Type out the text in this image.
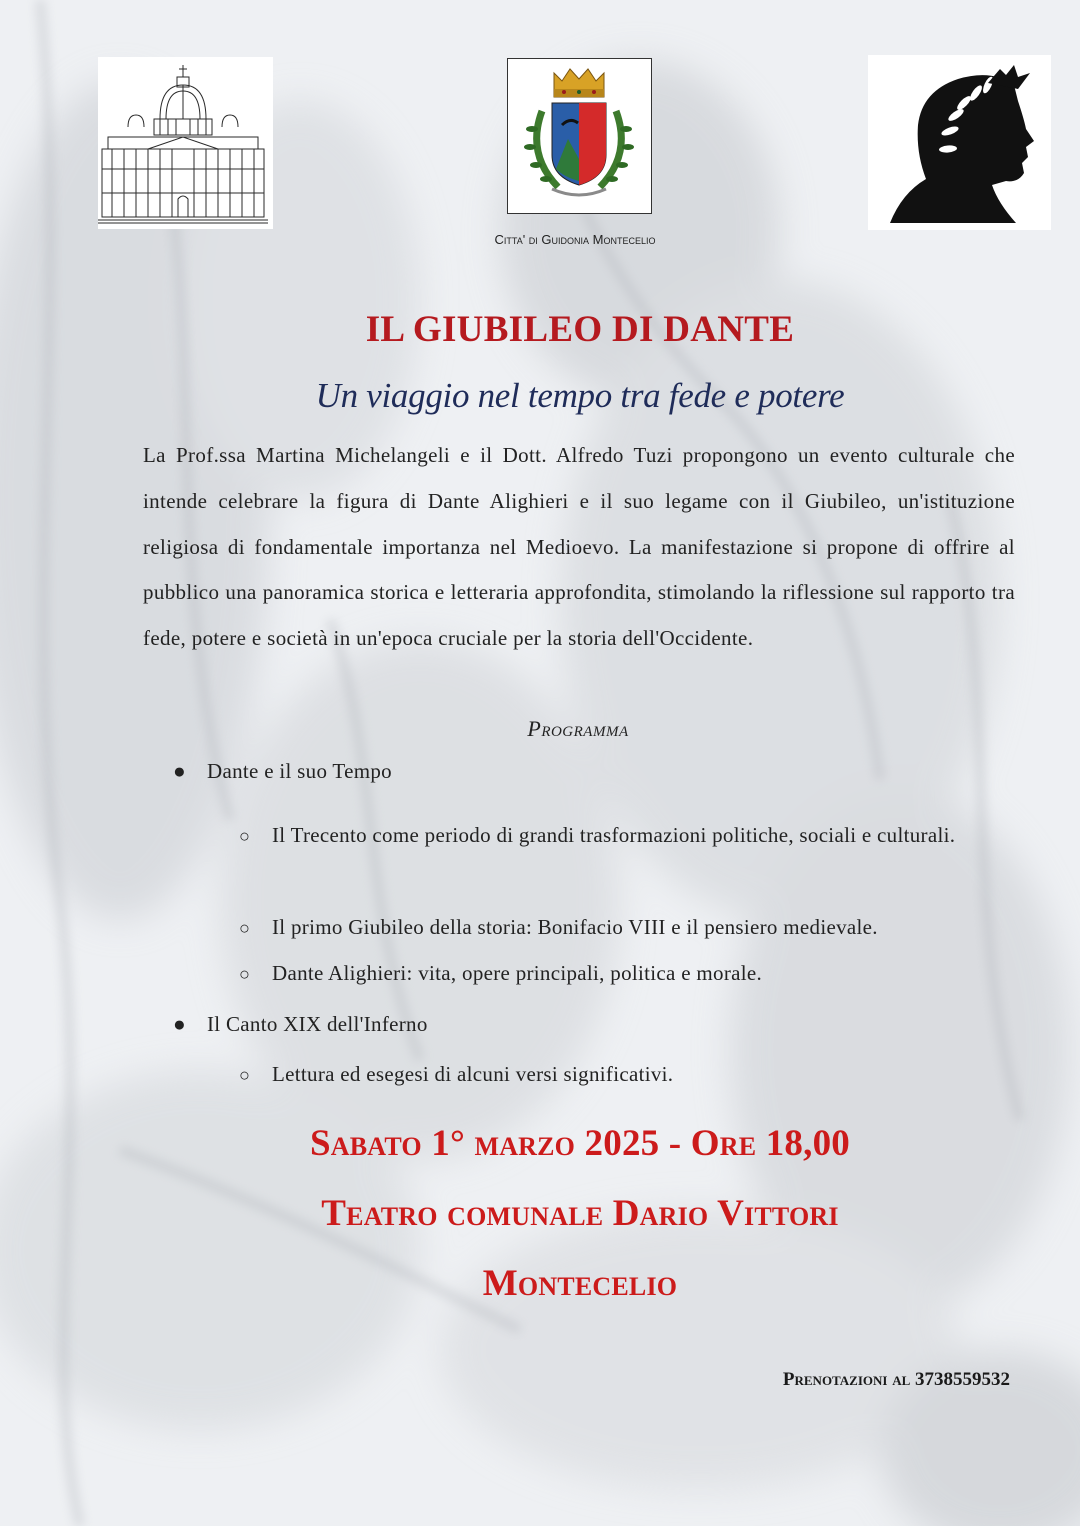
Citta' di Guidonia Montecelio
IL GIUBILEO DI DANTE
Un viaggio nel tempo tra fede e potere

La Prof.ssa Martina Michelangeli e il Dott. Alfredo Tuzi propongono un evento culturale che intende celebrare la figura di Dante Alighieri e il suo legame con il Giubileo, un'istituzione religiosa di fondamentale importanza nel Medioevo. La manifestazione si propone di offrire al pubblico una panoramica storica e letteraria approfondita, stimolando la riflessione sul rapporto tra fede, potere e società in un'epoca cruciale per la storia dell'Occidente.

Programma
● Dante e il suo Tempo
○ Il Trecento come periodo di grandi trasformazioni politiche, sociali e culturali.
○ Il primo Giubileo della storia: Bonifacio VIII e il pensiero medievale.
○ Dante Alighieri: vita, opere principali, politica e morale.
● Il Canto XIX dell'Inferno
○ Lettura ed esegesi di alcuni versi significativi.
Sabato 1° marzo 2025 - Ore 18,00
Teatro comunale Dario Vittori
Montecelio
Prenotazioni al 3738559532
